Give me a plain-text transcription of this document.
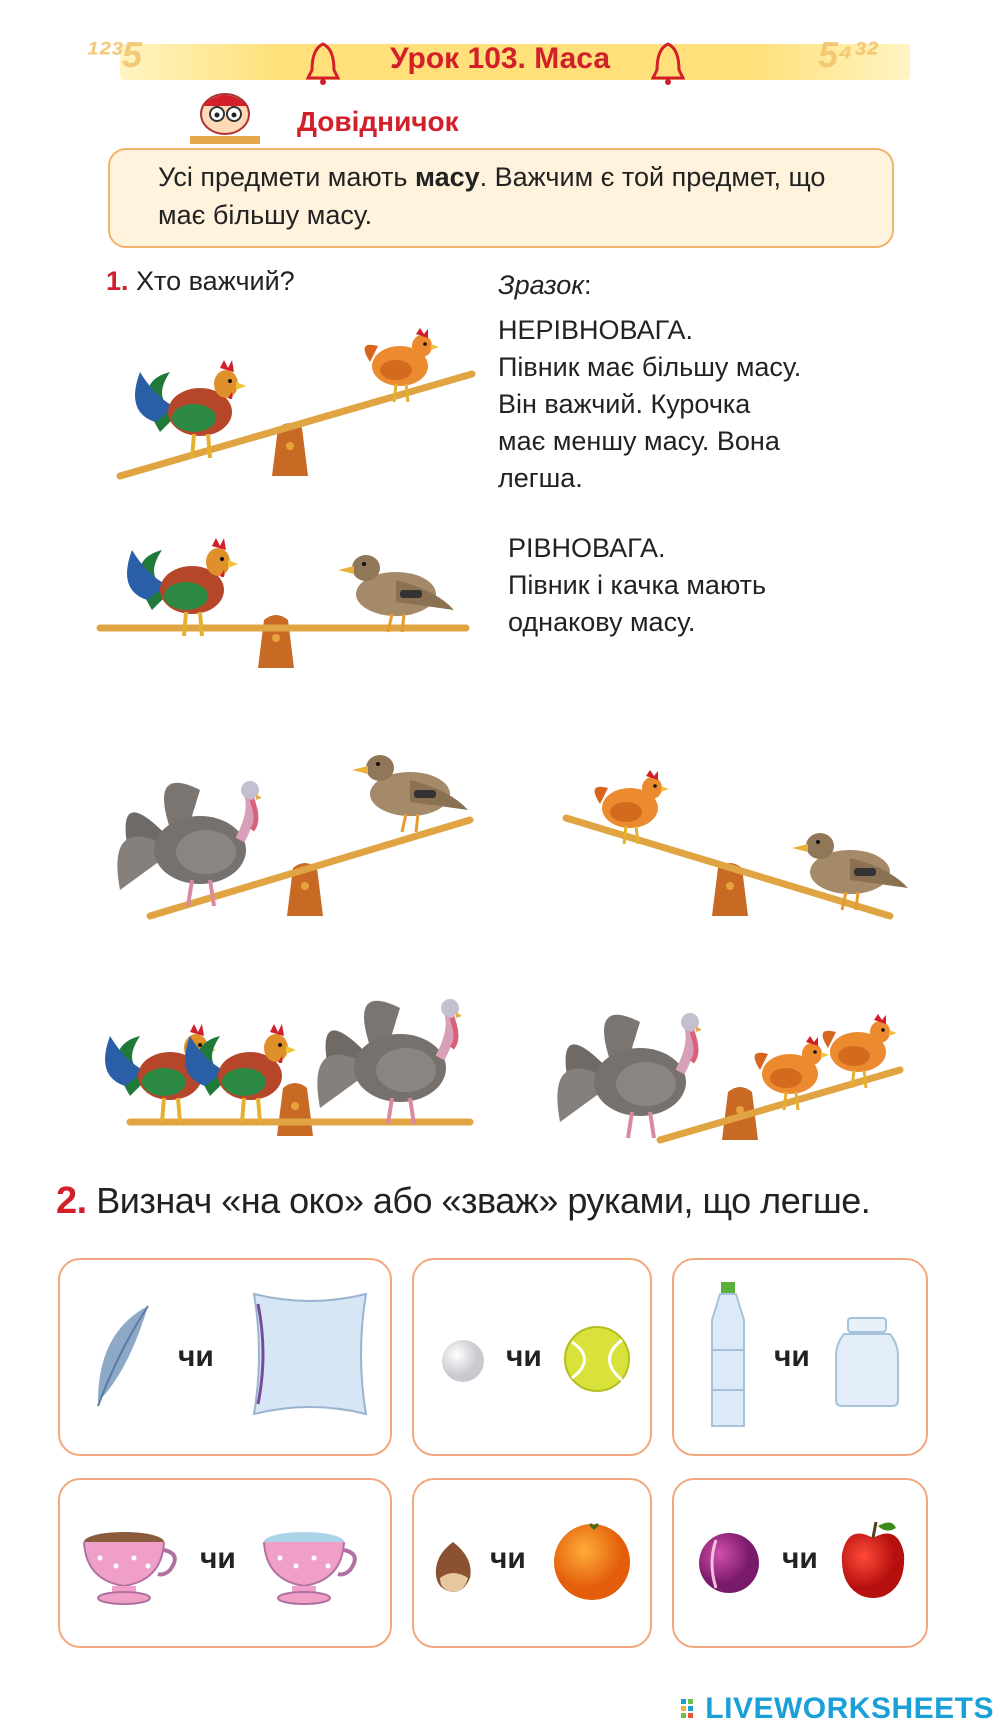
¹²³5	5⁴³²
Урок 103. Маса
Довідничок
Усі предмети мають масу. Важчим є той предмет, що має більшу масу.
1. Хто важчий?	Зразок:
НЕРІВНОВАГА.
Півник має більшу масу.
Він важчий. Курочка
має меншу масу. Вона
легша.
РІВНОВАГА.
Півник і качка мають
однакову масу.
2. Визнач «на око» або «зваж» руками, що легше.
чи	чи	чи
чи	чи	чи
LIVEWORKSHEETS
